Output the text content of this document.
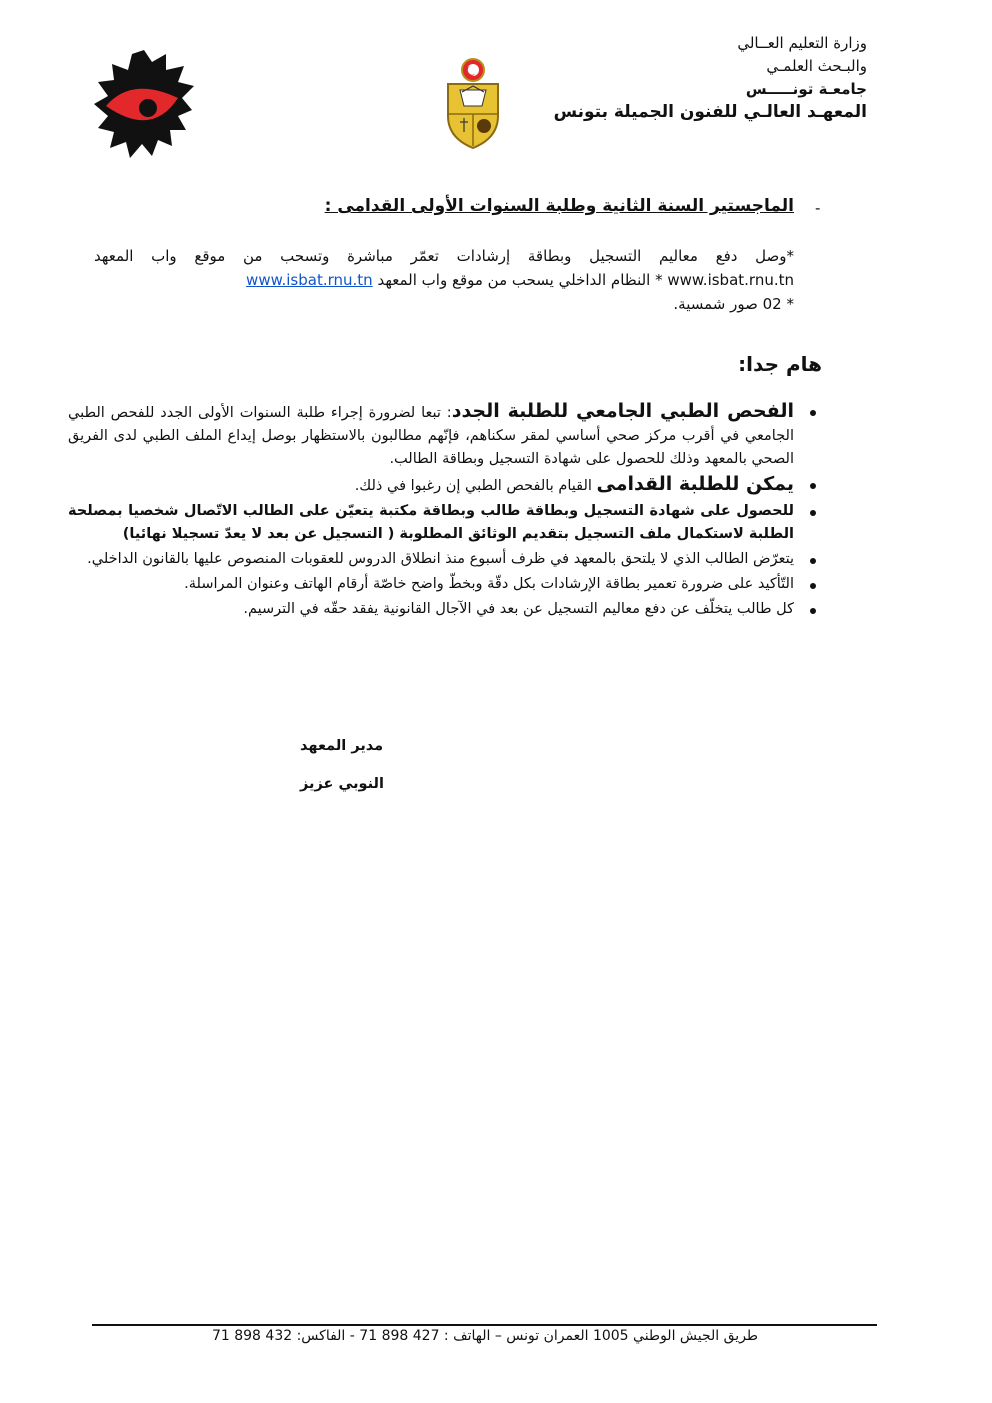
وزارة التعليم العــالي
والبـحث العلمـي
جامعـة تونـــــس
المعهـد العالـي للفنون الجميلة بتونس
-
الماجستير السنة الثانية وطلبة السنوات الأولى القدامى :
*وصل دفع معاليم التسجيل وبطاقة إرشادات تعمّر مباشرة وتسحب من موقع واب المعهد
www.isbat.rnu.tn * النظام الداخلي يسحب من موقع واب المعهد www.isbat.rnu.tn
* 02 صور شمسية.
هام جدا:
الفحص الطبي الجامعي للطلبة الجدد: تبعا لضرورة إجراء طلبة السنوات الأولى الجدد للفحص الطبي الجامعي في أقرب مركز صحي أساسي لمقر سكناهم، فإنّهم مطالبون بالاستظهار بوصل إيداع الملف الطبي لدى الفريق الصحي بالمعهد وذلك للحصول على شهادة التسجيل وبطاقة الطالب.
يمكن للطلبة القدامى القيام بالفحص الطبي إن رغبوا في ذلك.
للحصول على شهادة التسجيل وبطاقة طالب وبطاقة مكتبة يتعيّن على الطالب الاتّصال شخصيا بمصلحة الطلبة لاستكمال ملف التسجيل بتقديم الوثائق المطلوبة ( التسجيل عن بعد لا يعدّ تسجيلا نهائيا)
يتعرّض الطالب الذي لا يلتحق بالمعهد في ظرف أسبوع منذ انطلاق الدروس للعقوبات المنصوص عليها بالقانون الداخلي.
التّأكيد على ضرورة تعمير بطاقة الإرشادات بكل دقّة وبخطّ واضح خاصّة أرقام الهاتف وعنوان المراسلة.
كل طالب يتخلّف عن دفع معاليم التسجيل عن بعد في الآجال القانونية يفقد حقّه في الترسيم.
مدير المعهد
النوبي عزيز
طريق الجيش الوطني 1005 العمران تونس – الهاتف : 427 898 71 - الفاكس: 432 898 71
